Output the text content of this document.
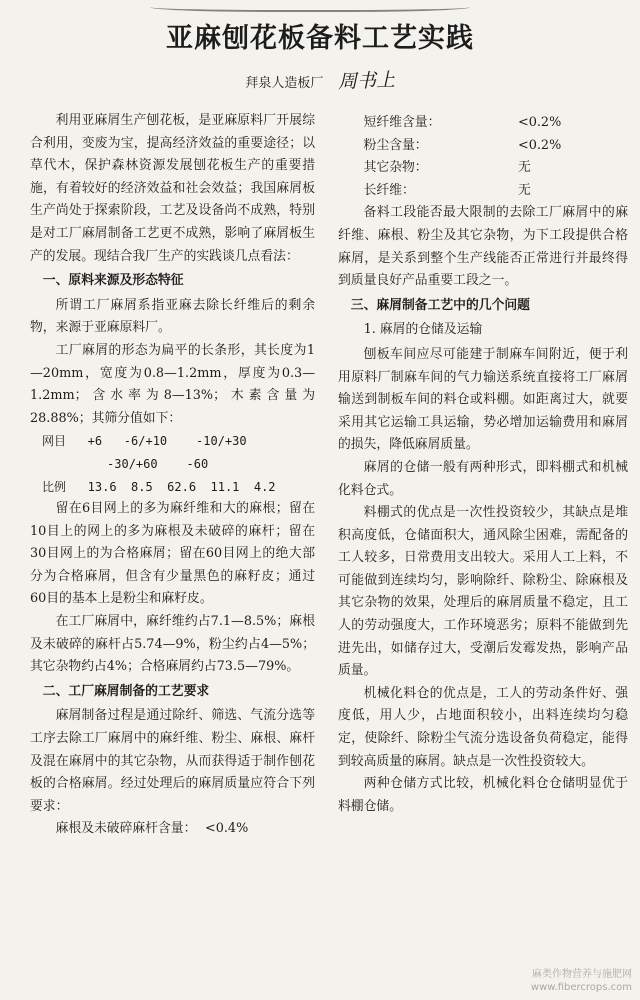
亚麻刨花板备料工艺实践
拜泉人造板厂 周书上

利用亚麻屑生产刨花板，是亚麻原料厂开展综合利用，变废为宝，提高经济效益的重要途径；以草代木，保护森林资源发展刨花板生产的重要措施，有着较好的经济效益和社会效益；我国麻屑板生产尚处于探索阶段，工艺及设备尚不成熟，特别是对工厂麻屑制备工艺更不成熟，影响了麻屑板生产的发展。现结合我厂生产的实践谈几点看法：

一、原料来源及形态特征

所谓工厂麻屑系指亚麻去除长纤维后的剩余物，来源于亚麻原料厂。

工厂麻屑的形态为扁平的长条形，其长度为1—20mm，宽度为0.8—1.2mm，厚度为0.3—1.2mm；含水率为8—13%；木素含量为28.88%；其筛分值如下：

网目   +6   -6/+10    -10/+30
-30/+60    -60
比例   13.6  8.5  62.6  11.1  4.2

留在6目网上的多为麻纤维和大的麻根；留在10目上的网上的多为麻根及未破碎的麻杆；留在30目网上的为合格麻屑；留在60目网上的绝大部分为合格麻屑，但含有少量黑色的麻籽皮；通过60目的基本上是粉尘和麻籽皮。

在工厂麻屑中，麻纤维约占7.1—8.5%；麻根及未破碎的麻杆占5.74—9%，粉尘约占4—5%；其它杂物约占4%；合格麻屑约占73.5—79%。

二、工厂麻屑制备的工艺要求

麻屑制备过程是通过除纤、筛选、气流分选等工序去除工厂麻屑中的麻纤维、粉尘、麻根、麻杆及混在麻屑中的其它杂物，从而获得适于制作刨花板的合格麻屑。经过处理后的麻屑质量应符合下列要求：

麻根及未破碎麻杆含量： <0.4%
短纤维含量：	<0.2%
粉尘含量：	<0.2%
其它杂物：	无
长纤维：	无

备料工段能否最大限制的去除工厂麻屑中的麻纤维、麻根、粉尘及其它杂物，为下工段提供合格麻屑，是关系到整个生产线能否正常进行并最终得到质量良好产品重要工段之一。

三、麻屑制备工艺中的几个问题
1. 麻屑的仓储及运输

刨板车间应尽可能建于制麻车间附近，便于利用原料厂制麻车间的气力输送系统直接将工厂麻屑输送到制板车间的料仓或料棚。如距离过大，就要采用其它运输工具运输，势必增加运输费用和麻屑的损失，降低麻屑质量。

麻屑的仓储一般有两种形式，即料棚式和机械化料仓式。

料棚式的优点是一次性投资较少，其缺点是堆积高度低，仓储面积大，通风除尘困难，需配备的工人较多，日常费用支出较大。采用人工上料，不可能做到连续均匀，影响除纤、除粉尘、除麻根及其它杂物的效果，处理后的麻屑质量不稳定，且工人的劳动强度大，工作环境恶劣；原料不能做到先进先出，如储存过大，受潮后发霉发热，影响产品质量。

机械化料仓的优点是，工人的劳动条件好、强度低，用人少，占地面积较小，出料连续均匀稳定，使除纤、除粉尘气流分选设备负荷稳定，能得到较高质量的麻屑。缺点是一次性投资较大。

两种仓储方式比较，机械化料仓仓储明显优于料棚仓储。

麻类作物营养与施肥网
www.fibercrops.com
